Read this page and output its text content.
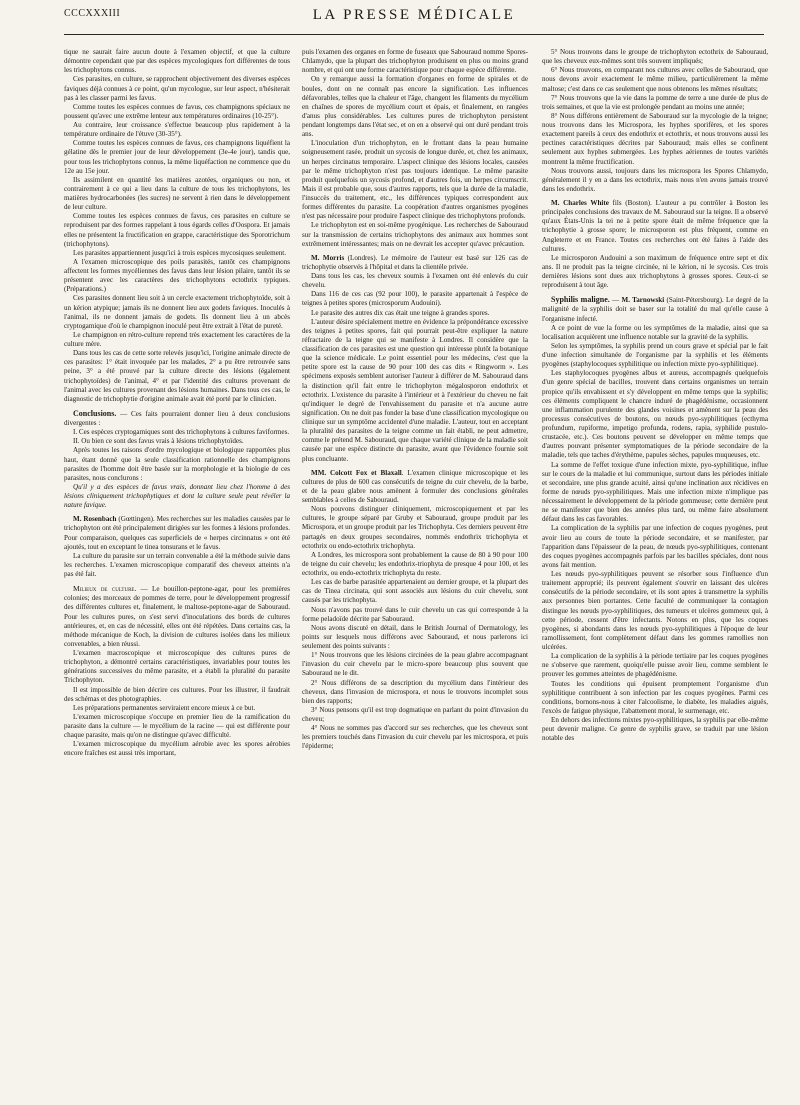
CCCXXXIII	LA PRESSE MÉDICALE

tique ne saurait faire aucun doute à l'examen objectif, et que la culture démontre cependant que par des espèces mycologiques fort différentes de tous les trichophytons connus.

Ces parasites, en culture, se rapprochent objectivement des diverses espèces faviques déjà connues à ce point, qu'un mycologue, sur leur aspect, n'hésiterait pas à les classer parmi les favus.

Comme toutes les espèces connues de favus, ces champignons spéciaux ne poussent qu'avec une extrême lenteur aux températures ordinaires (10-25°).

Au contraire, leur croissance s'effectue beaucoup plus rapidement à la température ordinaire de l'étuve (30-35°).

Comme toutes les espèces connues de favus, ces champignons liquéfient la gélatine dès le premier jour de leur développement (3e-4e jour), tandis que, pour tous les trichophytons connus, la même liquéfaction ne commence que du 12e au 15e jour.

Ils assimilent en quantité les matières azotées, organiques ou non, et contrairement à ce qui a lieu dans la culture de tous les trichophytons, les matières hydrocarbonées (les sucres) ne servent à rien dans le développement de leur culture.

Comme toutes les espèces connues de favus, ces parasites en culture se reproduisent par des formes rappelant à tous égards celles d'Oospora. Et jamais elles ne présentent la fructification en grappe, caractéristique des Sporotrichum (trichophytons).

Les parasites appartiennent jusqu'ici à trois espèces mycosiques seulement.

A l'examen microscopique des poils parasités, tantôt ces champignons affectent les formes mycéliennes des favus dans leur lésion pilaire, tantôt ils se présentent avec les caractères des trichophytons ectothrix typiques. (Préparations.)

Ces parasites donnent lieu soit à un cercle exactement trichophytoïde, soit à un kérion atypique; jamais ils ne donnent lieu aux godets faviques. Inoculés à l'animal, ils ne donnent jamais de godets. Ils donnent lieu à un abcès cryptogamique d'où le champignon inoculé peut être extrait à l'état de pureté.

Le champignon en rétro-culture reprend très exactement les caractères de la culture mère.

Dans tous les cas de cette sorte relevés jusqu'ici, l'origine animale directe de ces parasites: 1° était invoquée par les malades, 2° a pu être retrouvée sans peine, 3° a été prouvé par la culture directe des lésions (également trichophytoïdes) de l'animal, 4° et par l'identité des cultures provenant de l'animal avec les cultures provenant des lésions humaines. Dans tous ces cas, le diagnostic de trichophytie d'origine animale avait été porté par le clinicien.

Conclusions. — Ces faits pourraient donner lieu à deux conclusions divergentes :

I. Ces espèces cryptogamiques sont des trichophytons à cultures faviformes.

II. Ou bien ce sont des favus vrais à lésions trichophytoïdes.

Après toutes les raisons d'ordre mycologique et biologique rapportées plus haut, étant donné que la seule classification rationnelle des champignons parasites de l'homme doit être basée sur la morphologie et la biologie de ces parasites, nous conclurons :

Qu'il y a des espèces de favus vrais, donnant lieu chez l'homme à des lésions cliniquement trichophytiques et dont la culture seule peut révéler la nature favique.

M. Rosenbach (Gœttingen). Mes recherches sur les maladies causées par le trichophyton ont été principalement dirigées sur les formes à lésions profondes. Pour comparaison, quelques cas superficiels de « herpes circinnatus » ont été ajoutés, tout en exceptant le tinea tonsurans et le favus.

La culture du parasite sur un terrain convenable a été la méthode suivie dans les recherches. L'examen microscopique comparatif des cheveux atteints n'a pas été fait.

Milieux de culture. — Le bouillon-peptone-agar, pour les premières colonies; des morceaux de pommes de terre, pour le développement progressif des différentes cultures et, finalement, le maltose-peptone-agar de Sabouraud. Pour les cultures pures, on s'est servi d'inoculations des bords de cultures antérieures, et, en cas de nécessité, elles ont été répétées. Dans certains cas, la méthode mécanique de Koch, la division de cultures isolées dans les milieux convenables, a bien réussi.

L'examen macroscopique et microscopique des cultures pures de trichophyton, a démontré certains caractéristiques, invariables pour toutes les générations successives du même parasite, et a établi la pluralité du parasite Trichophyton.

Il est impossible de bien décrire ces cultures. Pour les illustrer, il faudrait des schémas et des photographies.

Les préparations permanentes serviraient encore mieux à ce but.

L'examen microscopique s'occupe en premier lieu de la ramification du parasite dans la culture — le mycélium de la racine — qui est différente pour chaque parasite, mais qu'on ne distingue qu'avec difficulté.

L'examen microscopique du mycélium aérobie avec les spores aérobies encore fraîches est aussi très important,

puis l'examen des organes en forme de fuseaux que Sabouraud nomme Spores-Chlamydo, que la plupart des trichophyton produisent en plus ou moins grand nombre, et qui ont une forme caractéristique pour chaque espèce différente.

On y remarque aussi la formation d'organes en forme de spirales et de boules, dont on ne connaît pas encore la signification. Les influences défavorables, telles que la chaleur et l'âge, changent les filaments du mycélium en chaînes de spores de mycélium court et épais, et finalement, en rangées d'anus plus considérables. Les cultures pures de trichophyton persistent pendant longtemps dans l'état sec, et on en a observé qui ont duré pendant trois ans.

L'inoculation d'un trichophyton, en le frottant dans la peau humaine soigneusement rasée, produit un sycosis de longue durée, et, chez les animaux, un herpes circinatus temporaire. L'aspect clinique des lésions locales, causées par le même trichophyton n'est pas toujours identique. Le même parasite produit quelquefois un sycosis profond, et d'autres fois, un herpes circumscrit. Mais il est probable que, sous d'autres rapports, tels que la durée de la maladie, l'insuccès du traitement, etc., les différences typiques correspondent aux formes différentes du parasite. La coopération d'autres organismes pyogènes n'est pas nécessaire pour produire l'aspect clinique des trichophytons profonds.

Le trichophyton est en soi-même pyogénique. Les recherches de Sabouraud sur la transmission de certains trichophytons des animaux aux hommes sont extrêmement intéressantes; mais on ne devrait les accepter qu'avec précaution.

M. Morris (Londres). Le mémoire de l'auteur est basé sur 126 cas de trichophytie observés à l'hôpital et dans la clientèle privée.

Dans tous les cas, les cheveux soumis à l'examen ont été enlevés du cuir chevelu.

Dans 116 de ces cas (92 pour 100), le parasite appartenait à l'espèce de teignes à petites spores (microsporum Audouini).

Le parasite des autres dix cas était une teigne à grandes spores.

L'auteur désire spécialement mettre en évidence la prépondérance excessive des teignes à petites spores, fait qui pourrait peut-être expliquer la nature réfractaire de la teigne qui se manifeste à Londres. Il considère que la classification de ces parasites est une question qui intéresse plutôt la botanique que la science médicale. Le point essentiel pour les médecins, c'est que la petite spore est la cause de 90 pour 100 des cas dits « Ringworm ». Les spécimens exposés semblent autoriser l'auteur à différer de M. Sabouraud dans la distinction qu'il fait entre le trichophyton mégalosporon endothrix et ectothrix. L'existence du parasite à l'intérieur et à l'extérieur du cheveu ne fait qu'indiquer le degré de l'envahissement du parasite et n'a aucune autre signification. On ne doit pas fonder la base d'une classification mycologique ou clinique sur un symptôme accidentel d'une maladie. L'auteur, tout en acceptant la pluralité des parasites de la teigne comme un fait établi, ne peut admettre, comme le prétend M. Sabouraud, que chaque variété clinique de la maladie soit causée par une espèce distincte du parasite, avant que l'évidence fournie soit plus concluante.

MM. Colcott Fox et Blaxall. L'examen clinique microscopique et les cultures de plus de 600 cas consécutifs de teigne du cuir chevelu, de la barbe, et de la peau glabre nous amènent à formuler des conclusions générales semblables à celles de Sabouraud.

Nous pouvons distinguer cliniquement, microscopiquement et par les cultures, le groupe séparé par Gruby et Sabouraud, groupe produit par les Microspora, et un groupe produit par les Trichophyta. Ces derniers peuvent être partagés en deux groupes secondaires, nommés endothrix trichophyta et ectothrix ou endo-ectothrix trichophyta.

A Londres, les microspora sont probablement la cause de 80 à 90 pour 100 de teigne du cuir chevelu; les endothrix-triophyta de presque 4 pour 100, et les ectothrix, ou endo-ectothrix trichophyta du reste.

Les cas de barbe parasitée appartenaient au dernier groupe, et la plupart des cas de Tinea circinata, qui sont associés aux lésions du cuir chevelu, sont causés par les trichophyta.

Nous n'avons pas trouvé dans le cuir chevelu un cas qui corresponde à la forme peladoïde décrite par Sabouraud.

Nous avons discuté en détail, dans le British Journal of Dermatology, les points sur lesquels nous différons avec Sabouraud, et nous parlerons ici seulement des points suivants :

1° Nous trouvons que les lésions circinées de la peau glabre accompagnant l'invasion du cuir chevelu par le micro-spore beaucoup plus souvent que Sabouraud ne le dit.

2° Nous différons de sa description du mycélium dans l'intérieur des cheveux, dans l'invasion de microspora, et nous le trouvons incomplet sous bien des rapports;

3° Nous pensons qu'il est trop dogmatique en parlant du point d'invasion du cheveu;

4° Nous ne sommes pas d'accord sur ses recherches, que les cheveux sont les premiers touchés dans l'invasion du cuir chevelu par les microspora, et puis l'épiderme;

5° Nous trouvons dans le groupe de trichophyton ectothrix de Sabouraud, que les cheveux eux-mêmes sont très souvent impliqués;

6° Nous trouvons, en comparant nos cultures avec celles de Sabouraud, que nous devons avoir exactement le même milieu, particulièrement la même maltose; c'est dans ce cas seulement que nous obtenons les mêmes résultats;

7° Nous trouvons que la vie dans la pomme de terre a une durée de plus de trois semaines, et que la vie est prolongée pendant au moins une année;

8° Nous différons entièrement de Sabouraud sur la mycologie de la teigne; nous trouvons dans les Microspora, les hyphes sporifères, et les spores exactement pareils à ceux des endothrix et ectothrix, et nous trouvons aussi les pectines caractéristiques décrites par Sabouraud; mais elles se confinent seulement aux hyphes submergées. Les hyphes aériennes de toutes variétés montrent la même fructification.

Nous trouvons aussi, toujours dans les microspora les Spores Chlamydo, généralement il y en a dans les ectothrix, mais nous n'en avons jamais trouvé dans les endothrix.

M. Charles White fils (Boston). L'auteur a pu contrôler à Boston les principales conclusions des travaux de M. Sabouraud sur la teigne. Il a observé qu'aux États-Unis la tei ne à petite spore était de même fréquence que la trichophytie à grosse spore; le microsporon est plus fréquent, comme en Angleterre et en France. Toutes ces recherches ont été faites à l'aide des cultures.

Le microsporon Audouini a son maximum de fréquence entre sept et dix ans. Il ne produit pas la teigne circinée, ni le kérion, ni le sycosis. Ces trois dernières lésions sont dues aux trichophytons à grosses spores. Ceux-ci se reproduisent à tout âge.

Syphilis maligne. — M. Tarnowski (Saint-Pétersbourg). Le degré de la malignité de la syphilis doit se baser sur la totalité du mal qu'elle cause à l'organisme infecté.

A ce point de vue la forme ou les symptômes de la maladie, ainsi que sa localisation acquièrent une influence notable sur la gravité de la syphilis.

Selon les symptômes, la syphilis prend un cours grave et spécial par le fait d'une infection simultanée de l'organisme par la syphilis et les éléments pyogènes (staphylocoques syphilitique ou infection mixte pyo-syphilitique).

Les staphylocoques pyogènes albus et aureus, accompagnés quelquefois d'un genre spécial de bacilles, trouvent dans certains organismes un terrain propice qu'ils envahissent et s'y développent en même temps que la syphilis; ces éléments compliquent le chancre induré de phagédénisme, occasionnent une inflammation purulente des glandes voisines et amènent sur la peau des processus consécutives de boutons, ou nœuds pyo-syphilitiques (ecthyma profundum, rupiforme, impetigo profunda, rodens, rapia, syphilide pustulo-crustacée, etc.). Ces boutons peuvent se développer en même temps que d'autres pouvant présenter symptomatiques de la période secondaire de la maladie, tels que taches d'érythème, papules sèches, papules muqueuses, etc.

La somme de l'effet toxique d'une infection mixte, pyo-syphilitique, influe sur le cours de la maladie et lui communique, surtout dans les périodes initiale et secondaire, une plus grande acuité, ainsi qu'une inclination aux récidives en forme de nœuds pyo-syphilitiques. Mais une infection mixte n'implique pas nécessairement le développement de la période gommeuse; cette dernière peut ne se manifester que bien des années plus tard, ou même faire absolument défaut dans les cas favorables.

La complication de la syphilis par une infection de coques pyogènes, peut avoir lieu au cours de toute la période secondaire, et se manifester, par l'apparition dans l'épaisseur de la peau, de nœuds pyo-syphilitiques, contenant des coques pyogènes accompagnés parfois par les bacilles spéciales, dont nous avons fait mention.

Les nœuds pyo-syphilitiques peuvent se résorber sous l'influence d'un traitement approprié; ils peuvent également s'ouvrir en laissant des ulcères consécutifs de la période secondaire, et ils sont aptes à transmettre la syphilis aux personnes bien portantes. Cette faculté de communiquer la contagion distingue les nœuds pyo-syphilitiques, des tumeurs et ulcères gommeux qui, à cette période, cessent d'être infectants. Notons en plus, que les coques pyogènes, si abondants dans les nœuds pyo-syphilitiques à l'époque de leur ramollissement, font complètement défaut dans les gommes ramollies non ulcérées.

La complication de la syphilis à la période tertiaire par les coques pyogènes ne s'observe que rarement, quoiqu'elle puisse avoir lieu, comme semblent le prouver les gommes atteintes de phagédénisme.

Toutes les conditions qui épuisent promptement l'organisme d'un syphilitique contribuent à son infection par les coques pyogènes. Parmi ces conditions, bornons-nous à citer l'alcoolisme, le diabète, les maladies aiguës, l'excès de fatigue physique, l'abattement moral, le surmenage, etc.

En dehors des infections mixtes pyo-syphilitiques, la syphilis par elle-même peut devenir maligne. Ce genre de syphilis grave, se traduit par une lésion notable des
